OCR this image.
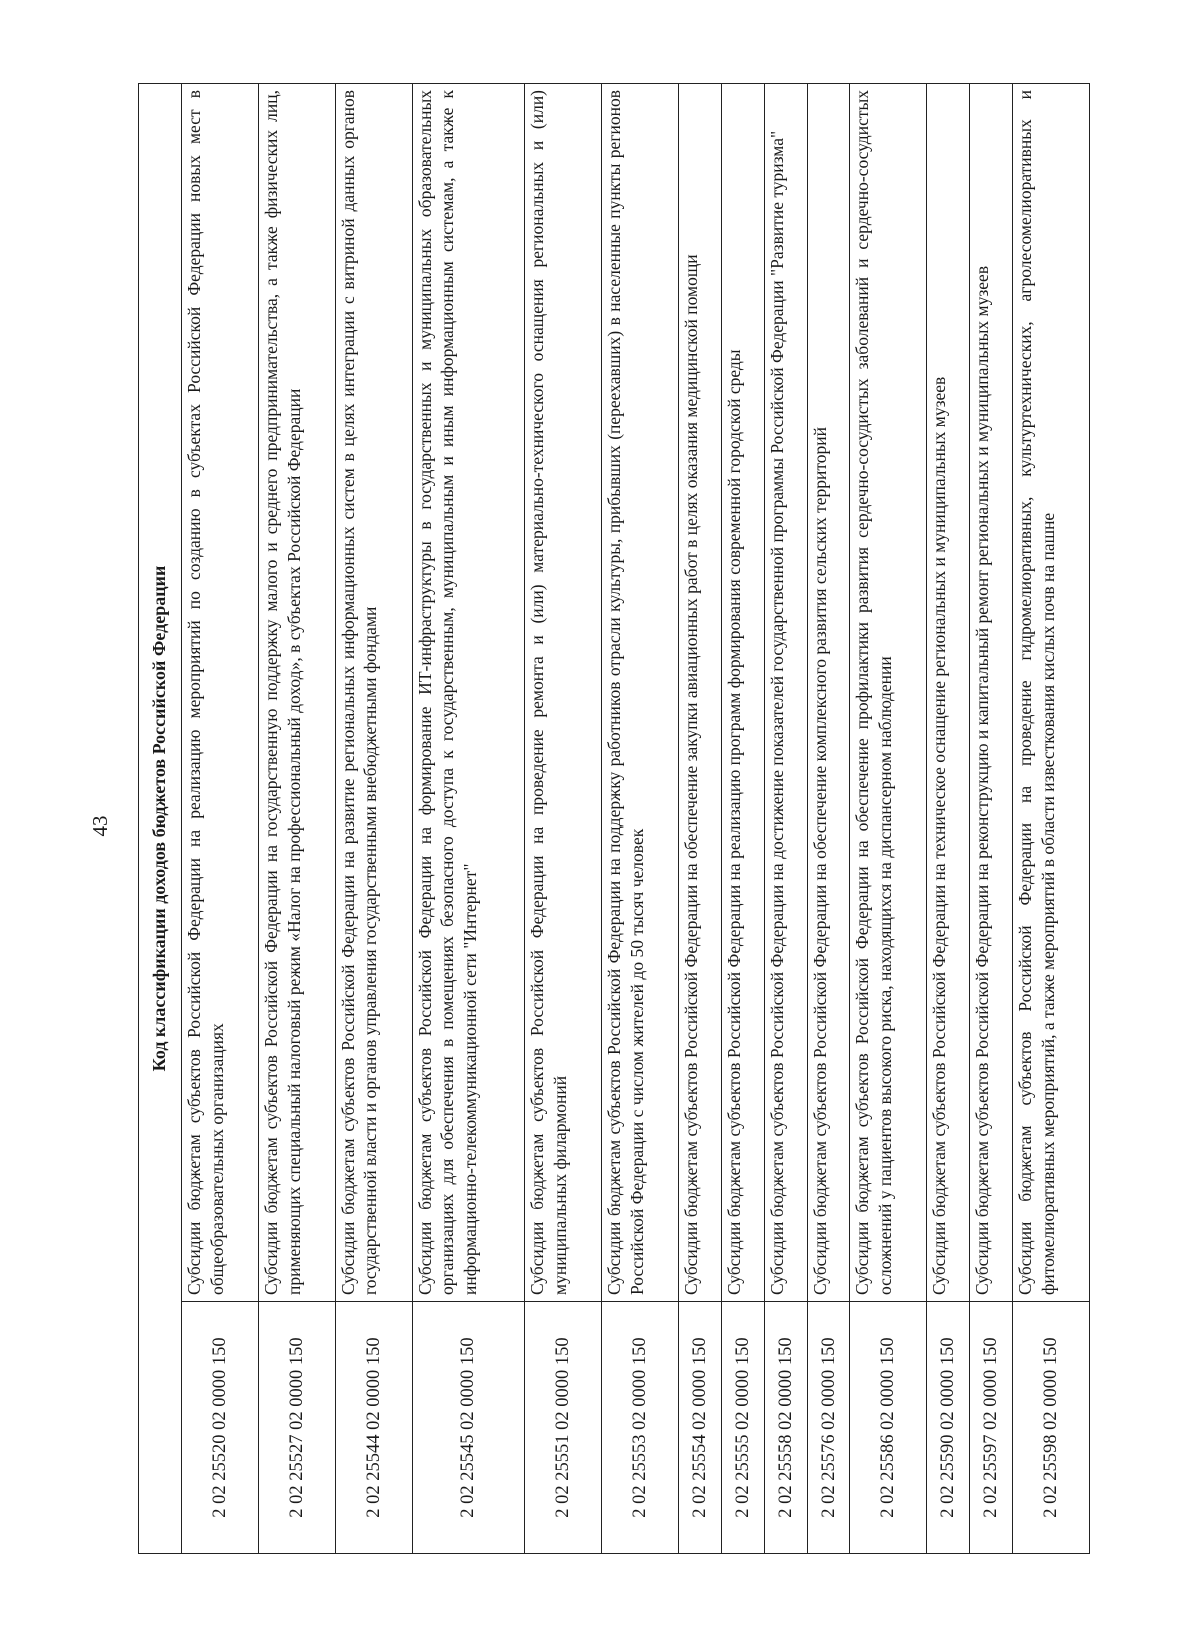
43 Код классификации доходов бюджетов Российской Федерации	
2 02 25520 02 0000 150	Субсидии бюджетам субъектов Российской Федерации на реализацию мероприятий по созданию в субъектах Российской Федерации новых мест в общеобразовательных организациях
2 02 25527 02 0000 150	Субсидии бюджетам субъектов Российской Федерации на государственную поддержку малого и среднего предпринимательства, а также физических лиц, применяющих специальный налоговый режим «Налог на профессиональный доход», в субъектах Российской Федерации
2 02 25544 02 0000 150	Субсидии бюджетам субъектов Российской Федерации на развитие региональных информационных систем в целях интеграции с витриной данных органов государственной власти и органов управления государственными внебюджетными фондами
2 02 25545 02 0000 150	Субсидии бюджетам субъектов Российской Федерации на формирование ИТ-инфраструктуры в государственных и муниципальных образовательных организациях для обеспечения в помещениях безопасного доступа к государственным, муниципальным и иным информационным системам, а также к информационно-телекоммуникационной сети "Интернет"
2 02 25551 02 0000 150	Субсидии бюджетам субъектов Российской Федерации на проведение ремонта и (или) материально-технического оснащения региональных и (или) муниципальных филармоний
2 02 25553 02 0000 150	Субсидии бюджетам субъектов Российской Федерации на поддержку работников отрасли культуры, прибывших (переехавших) в населенные пункты регионов Российской Федерации с числом жителей до 50 тысяч человек
2 02 25554 02 0000 150	Субсидии бюджетам субъектов Российской Федерации на обеспечение закупки авиационных работ в целях оказания медицинской помощи
2 02 25555 02 0000 150	Субсидии бюджетам субъектов Российской Федерации на реализацию программ формирования современной городской среды
2 02 25558 02 0000 150	Субсидии бюджетам субъектов Российской Федерации на достижение показателей государственной программы Российской Федерации "Развитие туризма"
2 02 25576 02 0000 150	Субсидии бюджетам субъектов Российской Федерации на обеспечение комплексного развития сельских территорий
2 02 25586 02 0000 150	Субсидии бюджетам субъектов Российской Федерации на обеспечение профилактики развития сердечно-сосудистых заболеваний и сердечно-сосудистых осложнений у пациентов высокого риска, находящихся на диспансерном наблюдении
2 02 25590 02 0000 150	Субсидии бюджетам субъектов Российской Федерации на техническое оснащение региональных и муниципальных музеев
2 02 25597 02 0000 150	Субсидии бюджетам субъектов Российской Федерации на реконструкцию и капитальный ремонт региональных и муниципальных музеев
2 02 25598 02 0000 150	Субсидии бюджетам субъектов Российской Федерации на проведение гидромелиоративных, культуртехнических, агролесомелиоративных и фитомелиоративных мероприятий, а также мероприятий в области известкования кислых почв на пашне
